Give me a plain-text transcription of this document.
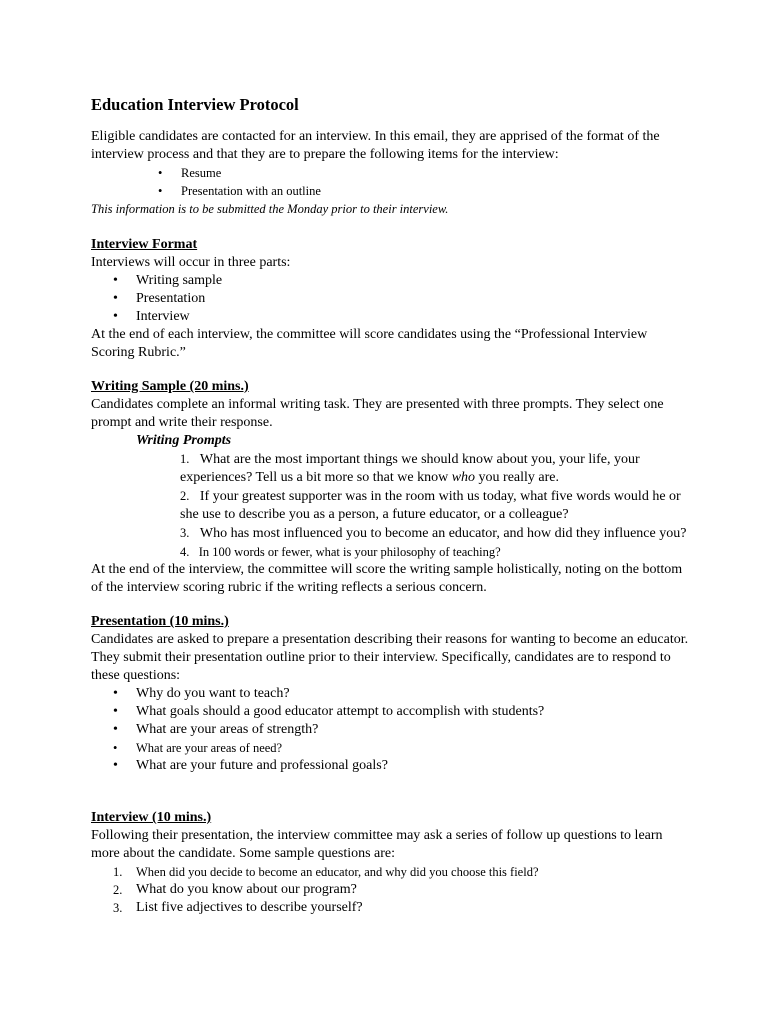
Education Interview Protocol

Eligible candidates are contacted for an interview. In this email, they are apprised of the format of the interview process and that they are to prepare the following items for the interview:

• Resume
• Presentation with an outline

This information is to be submitted the Monday prior to their interview.

Interview Format

Interviews will occur in three parts:

• Writing sample
• Presentation
• Interview

At the end of each interview, the committee will score candidates using the “Professional Interview Scoring Rubric.”

Writing Sample (20 mins.)

Candidates complete an informal writing task. They are presented with three prompts. They select one prompt and write their response.

Writing Prompts
1. What are the most important things we should know about you, your life, your experiences? Tell us a bit more so that we know who you really are.
2. If your greatest supporter was in the room with us today, what five words would he or she use to describe you as a person, a future educator, or a colleague?
3. Who has most influenced you to become an educator, and how did they influence you?
4. In 100 words or fewer, what is your philosophy of teaching?

At the end of the interview, the committee will score the writing sample holistically, noting on the bottom of the interview scoring rubric if the writing reflects a serious concern.

Presentation (10 mins.)

Candidates are asked to prepare a presentation describing their reasons for wanting to become an educator. They submit their presentation outline prior to their interview. Specifically, candidates are to respond to these questions:

• Why do you want to teach?
• What goals should a good educator attempt to accomplish with students?
• What are your areas of strength?
• What are your areas of need?
• What are your future and professional goals?

Interview (10 mins.)

Following their presentation, the interview committee may ask a series of follow up questions to learn more about the candidate. Some sample questions are:

1. When did you decide to become an educator, and why did you choose this field?
2. What do you know about our program?
3. List five adjectives to describe yourself?
